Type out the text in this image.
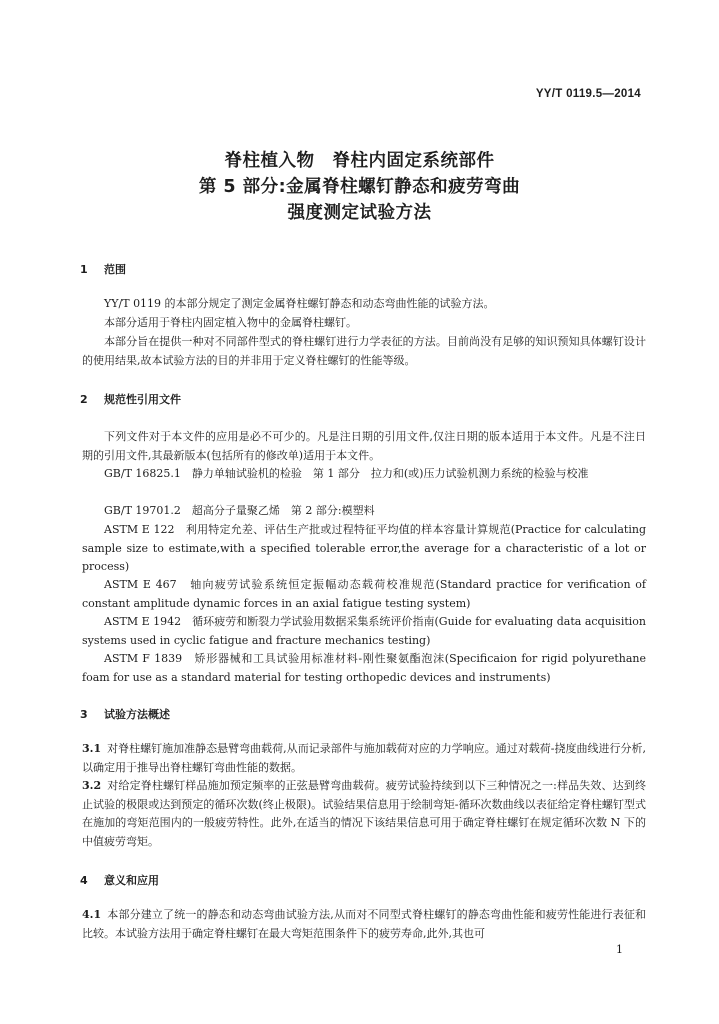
YY/T 0119.5—2014
脊柱植入物　脊柱内固定系统部件
第 5 部分:金属脊柱螺钉静态和疲劳弯曲
强度测定试验方法
1 范围

YY/T 0119 的本部分规定了测定金属脊柱螺钉静态和动态弯曲性能的试验方法。

本部分适用于脊柱内固定植入物中的金属脊柱螺钉。

本部分旨在提供一种对不同部件型式的脊柱螺钉进行力学表征的方法。目前尚没有足够的知识预知具体螺钉设计的使用结果,故本试验方法的目的并非用于定义脊柱螺钉的性能等级。

2 规范性引用文件

下列文件对于本文件的应用是必不可少的。凡是注日期的引用文件,仅注日期的版本适用于本文件。凡是不注日期的引用文件,其最新版本(包括所有的修改单)适用于本文件。

GB/T 16825.1　静力单轴试验机的检验　第 1 部分　拉力和(或)压力试验机测力系统的检验与校准

GB/T 19701.2　超高分子量聚乙烯　第 2 部分:模塑料

ASTM E 122　利用特定允差、评估生产批或过程特征平均值的样本容量计算规范(Practice for calculating sample size to estimate,with a specified tolerable error,the average for a characteristic of a lot or process)

ASTM E 467　轴向疲劳试验系统恒定振幅动态载荷校准规范(Standard practice for verification of constant amplitude dynamic forces in an axial fatigue testing system)

ASTM E 1942　循环疲劳和断裂力学试验用数据采集系统评价指南(Guide for evaluating data acquisition systems used in cyclic fatigue and fracture mechanics testing)

ASTM F 1839　矫形器械和工具试验用标准材料-刚性聚氨酯泡沫(Specificaion for rigid polyurethane foam for use as a standard material for testing orthopedic devices and instruments)

3 试验方法概述

3.1 对脊柱螺钉施加准静态悬臂弯曲载荷,从而记录部件与施加载荷对应的力学响应。通过对载荷-挠度曲线进行分析,以确定用于推导出脊柱螺钉弯曲性能的数据。

3.2 对给定脊柱螺钉样品施加预定频率的正弦悬臂弯曲载荷。疲劳试验持续到以下三种情况之一:样品失效、达到终止试验的极限或达到预定的循环次数(终止极限)。试验结果信息用于绘制弯矩-循环次数曲线以表征给定脊柱螺钉型式在施加的弯矩范围内的一般疲劳特性。此外,在适当的情况下该结果信息可用于确定脊柱螺钉在规定循环次数 N 下的中值疲劳弯矩。

4 意义和应用

4.1 本部分建立了统一的静态和动态弯曲试验方法,从而对不同型式脊柱螺钉的静态弯曲性能和疲劳性能进行表征和比较。本试验方法用于确定脊柱螺钉在最大弯矩范围条件下的疲劳寿命,此外,其也可

1
